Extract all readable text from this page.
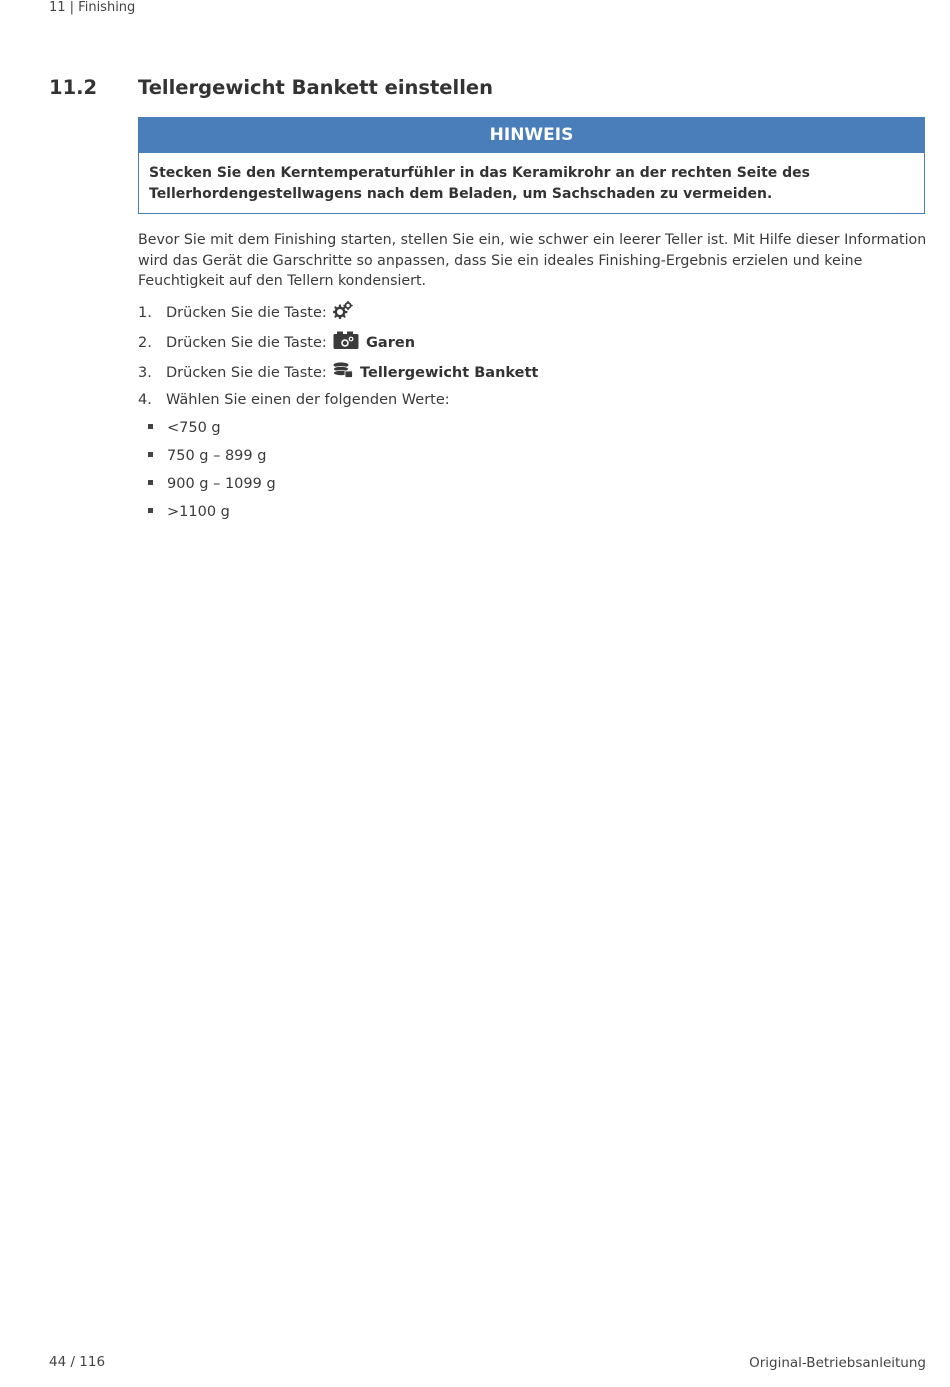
11 | Finishing
11.2 Tellergewicht Bankett einstellen
HINWEIS
Stecken Sie den Kerntemperaturfühler in das Keramikrohr an der rechten Seite des
Tellerhordengestellwagens nach dem Beladen, um Sachschaden zu vermeiden.
Bevor Sie mit dem Finishing starten, stellen Sie ein, wie schwer ein leerer Teller ist. Mit Hilfe dieser Information wird das Gerät die Garschritte so anpassen, dass Sie ein ideales Finishing-Ergebnis erzielen und keine Feuchtigkeit auf den Tellern kondensiert.
1. Drücken Sie die Taste:
2. Drücken Sie die Taste:	Garen
3. Drücken Sie die Taste: Tellergewicht Bankett
4. Wählen Sie einen der folgenden Werte:
<750 g
750 g – 899 g
900 g – 1099 g
>1100 g
44 / 116	Original-Betriebsanleitung
